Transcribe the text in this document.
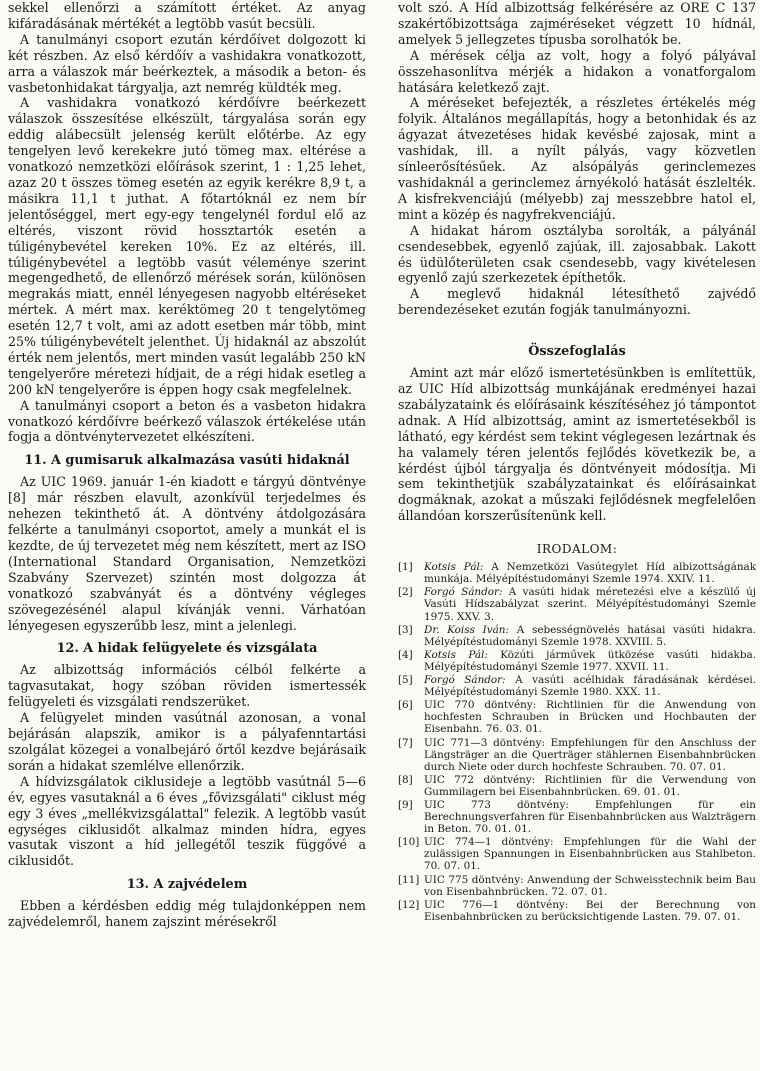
sekkel ellenőrzi a számított értéket. Az anyag kifáradásának mértékét a legtöbb vasút becsüli.

A tanulmányi csoport ezután kérdőívet dolgozott ki két részben. Az első kérdőív a vashidakra vonatkozott, arra a válaszok már beérkeztek, a második a beton- és vasbetonhidakat tárgyalja, azt nemrég küldték meg.

A vashidakra vonatkozó kérdőívre beérkezett válaszok összesítése elkészült, tárgyalása során egy eddig alábecsült jelenség került előtérbe. Az egy tengelyen levő kerekekre jutó tömeg max. eltérése a vonatkozó nemzetközi előírások szerint, 1 : 1,25 lehet, azaz 20 t összes tömeg esetén az egyik kerékre 8,9 t, a másikra 11,1 t juthat. A főtartóknál ez nem bír jelentőséggel, mert egy-egy tengelynél fordul elő az eltérés, viszont rövid hossztartók esetén a túligénybevétel kereken 10%. Ez az eltérés, ill. túligénybevétel a legtöbb vasút véleménye szerint megengedhető, de ellenőrző mérések során, különösen megrakás miatt, ennél lényegesen nagyobb eltéréseket mértek. A mért max. keréktömeg 20 t tengelytömeg esetén 12,7 t volt, ami az adott esetben már több, mint 25% túligénybevételt jelenthet. Új hidaknál az abszolút érték nem jelentős, mert minden vasút legalább 250 kN tengelyerőre méretezi hídjait, de a régi hidak esetleg a 200 kN tengelyerőre is éppen hogy csak megfelelnek.

A tanulmányi csoport a beton és a vasbeton hidakra vonatkozó kérdőívre beérkező válaszok értékelése után fogja a döntvénytervezetet elkészíteni.

11. A gumisaruk alkalmazása vasúti hidaknál

Az UIC 1969. január 1-én kiadott e tárgyú döntvénye [8] már részben elavult, azonkívül terjedelmes és nehezen tekinthető át. A döntvény átdolgozására felkérte a tanulmányi csoportot, amely a munkát el is kezdte, de új tervezetet még nem készített, mert az ISO (International Standard Organisation, Nemzetközi Szabvány Szervezet) szintén most dolgozza át vonatkozó szabványát és a döntvény végleges szövegezésénél alapul kívánják venni. Várhatóan lényegesen egyszerűbb lesz, mint a jelenlegi.

12. A hidak felügyelete és vizsgálata

Az albizottság információs célból felkérte a tagvasutakat, hogy szóban röviden ismertessék felügyeleti és vizsgálati rendszerüket.

A felügyelet minden vasútnál azonosan, a vonal bejárásán alapszik, amikor is a pályafenntartási szolgálat közegei a vonalbejáró őrtől kezdve bejárásaik során a hidakat szemlélve ellenőrzik.

A hídvizsgálatok ciklusideje a legtöbb vasútnál 5—6 év, egyes vasutaknál a 6 éves „fővizsgálati" ciklust még egy 3 éves „mellékvizsgálattal" felezik. A legtöbb vasút egységes ciklusidőt alkalmaz minden hídra, egyes vasutak viszont a híd jellegétől teszik függővé a ciklusidőt.

13. A zajvédelem

Ebben a kérdésben eddig még tulajdonképpen nem zajvédelemről, hanem zajszint mérésekről

volt szó. A Híd albizottság felkérésére az ORE C 137 szakértőbizottsága zajméréseket végzett 10 hídnál, amelyek 5 jellegzetes típusba sorolhatók be.

A mérések célja az volt, hogy a folyó pályával összehasonlítva mérjék a hidakon a vonatforgalom hatására keletkező zajt.

A méréseket befejezték, a részletes értékelés még folyik. Általános megállapítás, hogy a betonhidak és az ágyazat átvezetéses hidak kevésbé zajosak, mint a vashidak, ill. a nyílt pályás, vagy közvetlen sínleerősítésűek. Az alsópályás gerinclemezes vashidaknál a gerinclemez árnyékoló hatását észlelték. A kisfrekvenciájú (mélyebb) zaj messzebbre hatol el, mint a közép és nagyfrekvenciájú.

A hidakat három osztályba sorolták, a pályánál csendesebbek, egyenlő zajúak, ill. zajosabbak. Lakott és üdülőterületen csak csendesebb, vagy kivételesen egyenlő zajú szerkezetek építhetők.

A meglevő hidaknál létesíthető zajvédő berendezéseket ezután fogják tanulmányozni.

Összefoglalás

Amint azt már előző ismertetésünkben is említettük, az UIC Híd albizottság munkájának eredményei hazai szabályzataink és előírásaink készítéséhez jó támpontot adnak. A Híd albizottság, amint az ismertetésekből is látható, egy kérdést sem tekint véglegesen lezártnak és ha valamely téren jelentős fejlődés következik be, a kérdést újból tárgyalja és döntvényeit módosítja. Mi sem tekinthetjük szabályzatainkat és előírásainkat dogmáknak, azokat a műszaki fejlődésnek megfelelően állandóan korszerűsítenünk kell.

IRODALOM:
[1] Kotsis Pál: A Nemzetközi Vasútegylet Híd albizottságának munkája. Mélyépítéstudományi Szemle 1974. XXIV. 11.
[2] Forgó Sándor: A vasúti hidak méretezési elve a készülő új Vasúti Hídszabályzat szerint. Mélyépítéstudományi Szemle 1975. XXV. 3.
[3] Dr. Koiss Iván: A sebességnövelés hatásai vasúti hidakra. Mélyépítéstudományi Szemle 1978. XXVIII. 5.
[4] Kotsis Pál: Közúti járművek ütközése vasúti hidakba. Mélyépítéstudományi Szemle 1977. XXVII. 11.
[5] Forgó Sándor: A vasúti acélhidak fáradásának kérdései. Mélyépítéstudományi Szemle 1980. XXX. 11.
[6] UIC 770 döntvény: Richtlinien für die Anwendung von hochfesten Schrauben in Brücken und Hochbauten der Eisenbahn. 76. 03. 01.
[7] UIC 771—3 döntvény: Empfehlungen für den Anschluss der Längsträger an die Querträger stählernen Eisenbahnbrücken durch Niete oder durch hochfeste Schrauben. 70. 07. 01.
[8] UIC 772 döntvény: Richtlinien für die Verwendung von Gummilagern bei Eisenbahnbrücken. 69. 01. 01.
[9] UIC 773 döntvény: Empfehlungen für ein Berechnungsverfahren für Eisenbahnbrücken aus Walzträgern in Beton. 70. 01. 01.
[10] UIC 774—1 döntvény: Empfehlungen für die Wahl der zulässigen Spannungen in Eisenbahnbrücken aus Stahlbeton. 70. 07. 01.
[11] UIC 775 döntvény: Anwendung der Schweisstechnik beim Bau von Eisenbahnbrücken. 72. 07. 01.
[12] UIC 776—1 döntvény: Bei der Berechnung von Eisenbahnbrücken zu berücksichtigende Lasten. 79. 07. 01.
